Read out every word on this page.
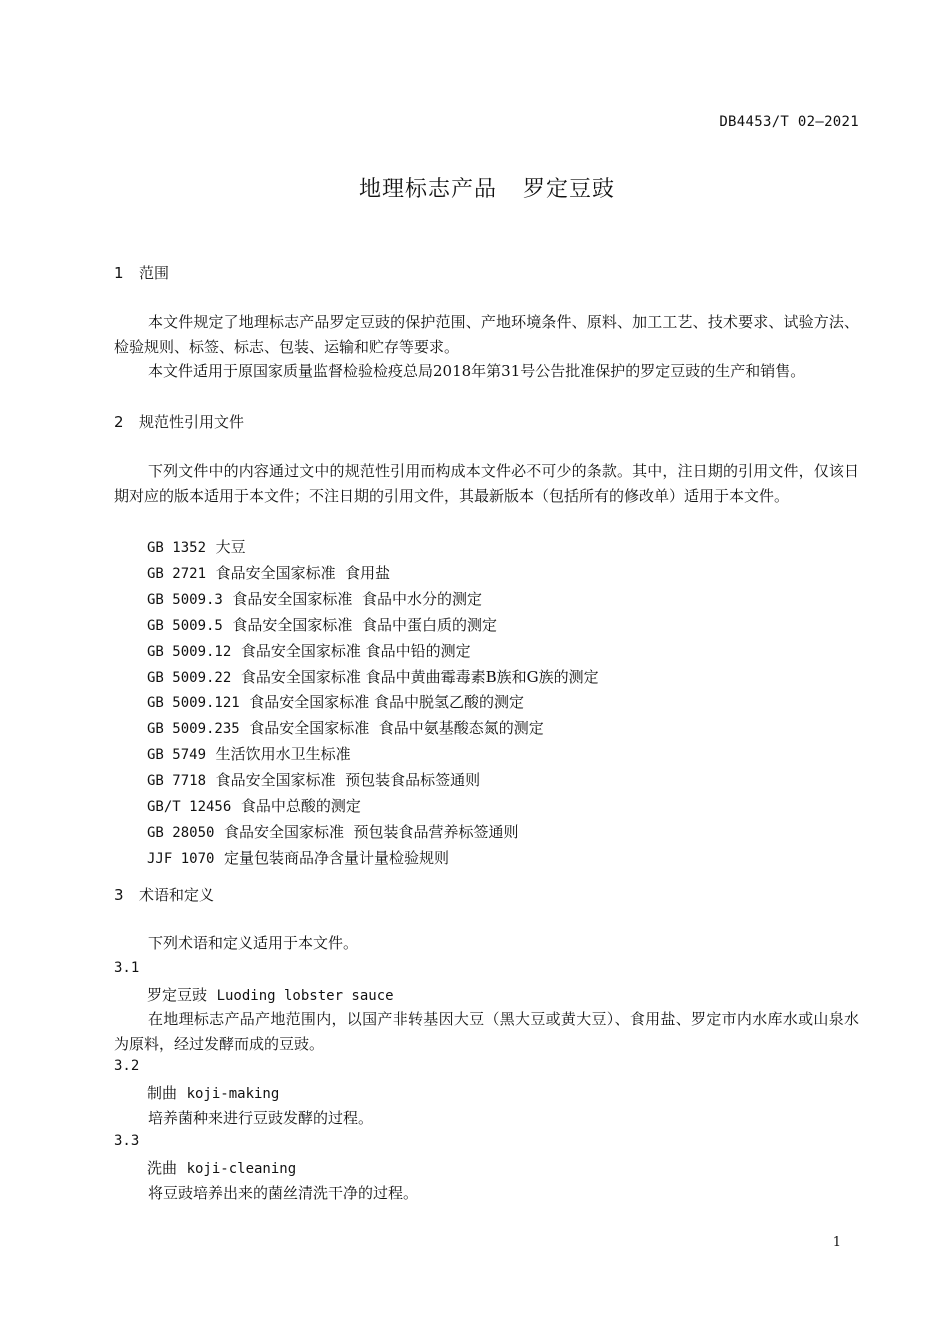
DB4453/T 02—2021
地理标志产品 罗定豆豉
1 范围
本文件规定了地理标志产品罗定豆豉的保护范围、产地环境条件、原料、加工工艺、技术要求、试验方法、检验规则、标签、标志、包装、运输和贮存等要求。
本文件适用于原国家质量监督检验检疫总局2018年第31号公告批准保护的罗定豆豉的生产和销售。
2 规范性引用文件
下列文件中的内容通过文中的规范性引用而构成本文件必不可少的条款。其中，注日期的引用文件，仅该日期对应的版本适用于本文件；不注日期的引用文件，其最新版本（包括所有的修改单）适用于本文件。
GB 1352 大豆
GB 2721 食品安全国家标准  食用盐
GB 5009.3 食品安全国家标准  食品中水分的测定
GB 5009.5 食品安全国家标准  食品中蛋白质的测定
GB 5009.12 食品安全国家标准 食品中铅的测定
GB 5009.22 食品安全国家标准 食品中黄曲霉毒素B族和G族的测定
GB 5009.121 食品安全国家标准 食品中脱氢乙酸的测定
GB 5009.235 食品安全国家标准  食品中氨基酸态氮的测定
GB 5749 生活饮用水卫生标准
GB 7718 食品安全国家标准  预包装食品标签通则
GB/T 12456 食品中总酸的测定
GB 28050 食品安全国家标准  预包装食品营养标签通则
JJF 1070 定量包装商品净含量计量检验规则
3 术语和定义
下列术语和定义适用于本文件。
3.1
罗定豆豉 Luoding lobster sauce
在地理标志产品产地范围内，以国产非转基因大豆（黑大豆或黄大豆）、食用盐、罗定市内水库水或山泉水为原料，经过发酵而成的豆豉。
3.2
制曲 koji-making
培养菌种来进行豆豉发酵的过程。
3.3
洗曲 koji-cleaning
将豆豉培养出来的菌丝清洗干净的过程。
1
